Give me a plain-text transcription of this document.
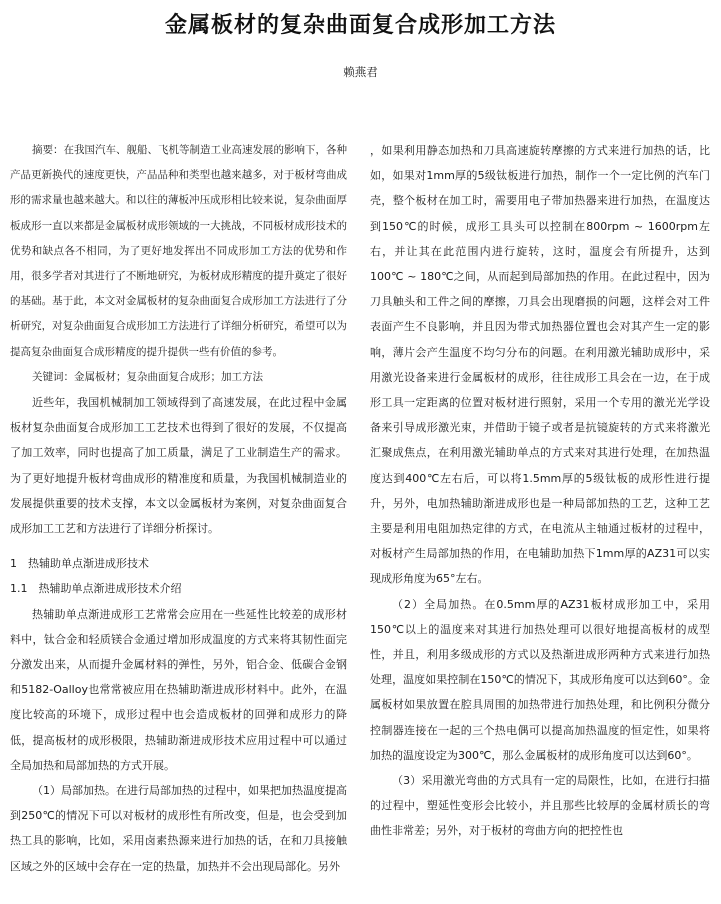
金属板材的复杂曲面复合成形加工方法
赖燕君

摘要：在我国汽车、舰船、飞机等制造工业高速发展的影响下，各种产品更新换代的速度更快，产品品种和类型也越来越多，对于板材弯曲成形的需求量也越来越大。和以往的薄板冲压成形相比较来说，复杂曲面厚板成形一直以来都是金属板材成形领域的一大挑战，不同板材成形技术的优势和缺点各不相同，为了更好地发挥出不同成形加工方法的优势和作用，很多学者对其进行了不断地研究，为板材成形精度的提升奠定了很好的基础。基于此，本文对金属板材的复杂曲面复合成形加工方法进行了分析研究，对复杂曲面复合成形加工方法进行了详细分析研究，希望可以为提高复杂曲面复合成形精度的提升提供一些有价值的参考。

关键词：金属板材；复杂曲面复合成形；加工方法

近些年，我国机械制加工领域得到了高速发展，在此过程中金属板材复杂曲面复合成形加工工艺技术也得到了很好的发展，不仅提高了加工效率，同时也提高了加工质量，满足了工业制造生产的需求。为了更好地提升板材弯曲成形的精准度和质量，为我国机械制造业的发展提供重要的技术支撑，本文以金属板材为案例，对复杂曲面复合成形加工工艺和方法进行了详细分析探讨。

1　热辅助单点渐进成形技术

1.1　热辅助单点渐进成形技术介绍

热辅助单点渐进成形工艺常常会应用在一些延性比较差的成形材料中，钛合金和轻质镁合金通过增加形成温度的方式来将其韧性面完分激发出来，从而提升金属材料的弹性，另外，铝合金、低碳合金钢和5182-Oalloy也常常被应用在热辅助渐进成形材料中。此外，在温度比较高的环境下，成形过程中也会造成板材的回弹和成形力的降低，提高板材的成形极限，热辅助渐进成形技术应用过程中可以通过全局加热和局部加热的方式开展。

（1）局部加热。在进行局部加热的过程中，如果把加热温度提高到250℃的情况下可以对板材的成形性有所改变，但是，也会受到加热工具的影响，比如，采用卤素热源来进行加热的话，在和刀具接触区域之外的区域中会存在一定的热量，加热并不会出现局部化。另外

，如果利用静态加热和刀具高速旋转摩擦的方式来进行加热的话，比如，如果对1mm厚的5级钛板进行加热，制作一个一定比例的汽车门壳，整个板材在加工时，需要用电子带加热器来进行加热，在温度达到150℃的时候，成形工具头可以控制在800rpm ~ 1600rpm左右，并让其在此范围内进行旋转，这时，温度会有所提升，达到100℃ ~ 180℃之间，从而起到局部加热的作用。在此过程中，因为刀具触头和工件之间的摩擦，刀具会出现磨损的问题，这样会对工件表面产生不良影响，并且因为带式加热器位置也会对其产生一定的影响，薄片会产生温度不均匀分布的问题。在利用激光辅助成形中，采用激光设备来进行金属板材的成形，往往成形工具会在一边，在于成形工具一定距离的位置对板材进行照射，采用一个专用的激光光学设备来引导成形激光束，并借助于镜子或者是抗镜旋转的方式来将激光汇聚成焦点，在利用激光辅助单点的方式来对其进行处理，在加热温度达到400℃左右后，可以将1.5mm厚的5级钛板的成形性进行提升，另外，电加热辅助渐进成形也是一种局部加热的工艺，这种工艺主要是利用电阻加热定律的方式，在电流从主轴通过板材的过程中，对板材产生局部加热的作用，在电辅助加热下1mm厚的AZ31可以实现成形角度为65°左右。

（2）全局加热。在0.5mm厚的AZ31板材成形加工中，采用150℃以上的温度来对其进行加热处理可以很好地提高板材的成型性，并且，利用多级成形的方式以及热渐进成形两种方式来进行加热处理，温度如果控制在150℃的情况下，其成形角度可以达到60°。金属板材如果放置在腔具周围的加热带进行加热处理，和比例积分微分控制器连接在一起的三个热电偶可以提高加热温度的恒定性，如果将加热的温度设定为300℃，那么金属板材的成形角度可以达到60°。

（3）采用激光弯曲的方式具有一定的局限性，比如，在进行扫描的过程中，塑延性变形会比较小，并且那些比较厚的金属材质长的弯曲性非常差；另外，对于板材的弯曲方向的把控性也
